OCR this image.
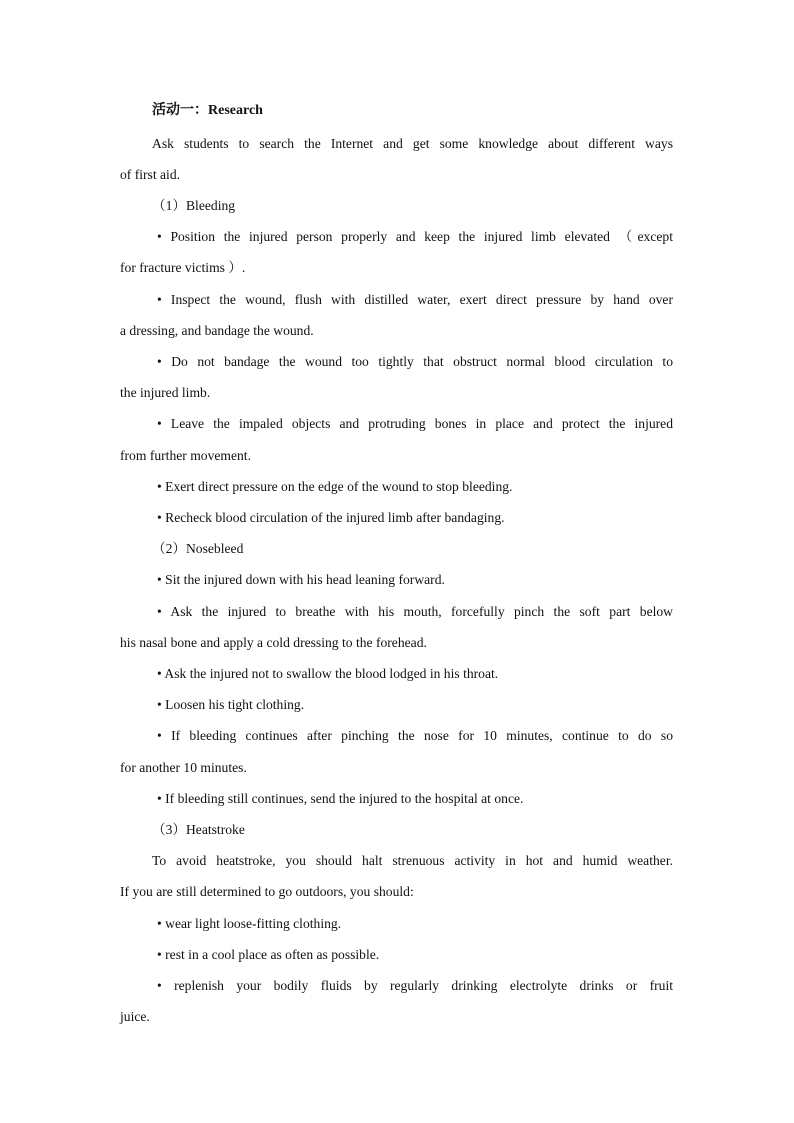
活动一：Research
Ask students to search the Internet and get some knowledge about different ways
of first aid.
（1）Bleeding
• Position the injured person properly and keep the injured limb elevated （except
for fracture victims ）.
• Inspect the wound, flush with distilled water, exert direct pressure by hand over
a dressing, and bandage the wound.
• Do not bandage the wound too tightly that obstruct normal blood circulation to
the injured limb.
• Leave the impaled objects and protruding bones in place and protect the injured
from further movement.
• Exert direct pressure on the edge of the wound to stop bleeding.
• Recheck blood circulation of the injured limb after bandaging.
（2）Nosebleed
• Sit the injured down with his head leaning forward.
• Ask the injured to breathe with his mouth, forcefully pinch the soft part below
his nasal bone and apply a cold dressing to the forehead.
• Ask the injured not to swallow the blood lodged in his throat.
• Loosen his tight clothing.
• If bleeding continues after pinching the nose for 10 minutes, continue to do so
for another 10 minutes.
• If bleeding still continues, send the injured to the hospital at once.
（3）Heatstroke
To avoid heatstroke, you should halt strenuous activity in hot and humid weather.
If you are still determined to go outdoors, you should:
• wear light loose-fitting clothing.
• rest in a cool place as often as possible.
• replenish your bodily fluids by regularly drinking electrolyte drinks or fruit
juice.
